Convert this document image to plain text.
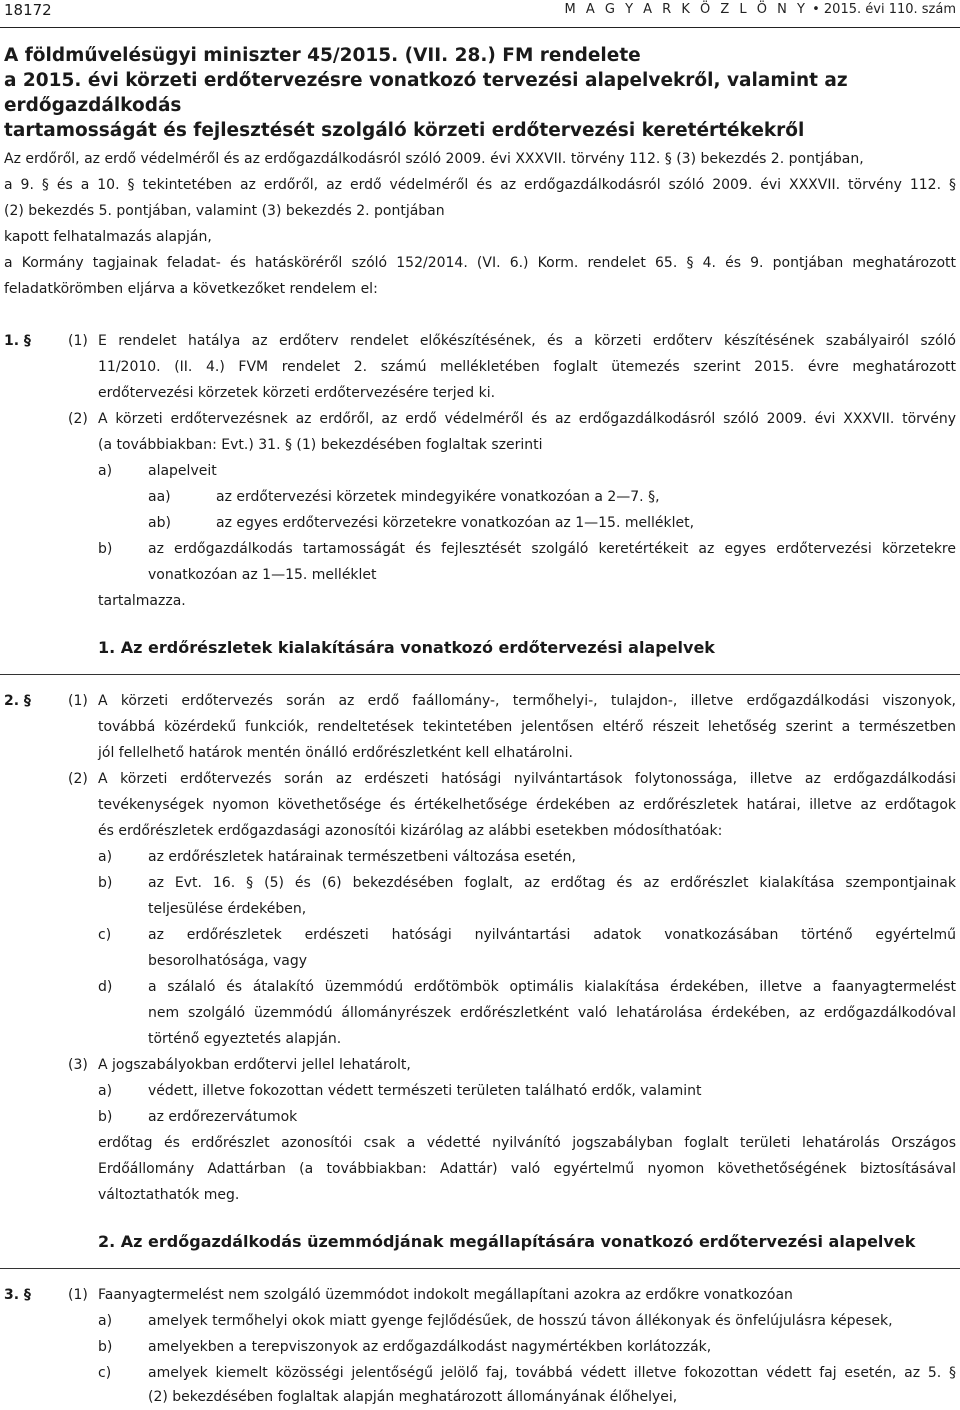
18172	M A G Y A R K Ö Z L Ö N Y • 2015. évi 110. szám
A földművelésügyi miniszter 45/2015. (VII. 28.) FM rendelete
a 2015. évi körzeti erdőtervezésre vonatkozó tervezési alapelvekről, valamint az erdőgazdálkodás
tartamosságát és fejlesztését szolgáló körzeti erdőtervezési keretértékekről
Az erdőről, az erdő védelméről és az erdőgazdálkodásról szóló 2009. évi XXXVII. törvény 112. § (3) bekezdés 2. pontjában,
a 9. § és a 10. § tekintetében az erdőről, az erdő védelméről és az erdőgazdálkodásról szóló 2009. évi XXXVII. törvény 112. §
(2) bekezdés 5. pontjában, valamint (3) bekezdés 2. pontjában
kapott felhatalmazás alapján,
a Kormány tagjainak feladat- és hatásköréről szóló 152/2014. (VI. 6.) Korm. rendelet 65. § 4. és 9. pontjában meghatározott
feladatkörömben eljárva a következőket rendelem el:
1. §	(1) E rendelet hatálya az erdőterv rendelet előkészítésének, és a körzeti erdőterv készítésének szabályairól szóló
11/2010. (II. 4.) FVM rendelet 2. számú mellékletében foglalt ütemezés szerint 2015. évre meghatározott
erdőtervezési körzetek körzeti erdőtervezésére terjed ki.
(2) A körzeti erdőtervezésnek az erdőről, az erdő védelméről és az erdőgazdálkodásról szóló 2009. évi XXXVII. törvény
(a továbbiakban: Evt.) 31. § (1) bekezdésében foglaltak szerinti
a)	alapelveit
aa)	az erdőtervezési körzetek mindegyikére vonatkozóan a 2—7. §,
ab)	az egyes erdőtervezési körzetekre vonatkozóan az 1—15. melléklet,
b)	az erdőgazdálkodás tartamosságát és fejlesztését szolgáló keretértékeit az egyes erdőtervezési körzetekre
vonatkozóan az 1—15. melléklet
tartalmazza.
1. Az erdőrészletek kialakítására vonatkozó erdőtervezési alapelvek
2. §	(1) A körzeti erdőtervezés során az erdő faállomány-, termőhelyi-, tulajdon-, illetve erdőgazdálkodási viszonyok,
továbbá közérdekű funkciók, rendeltetések tekintetében jelentősen eltérő részeit lehetőség szerint a természetben
jól fellelhető határok mentén önálló erdőrészletként kell elhatárolni.
(2) A körzeti erdőtervezés során az erdészeti hatósági nyilvántartások folytonossága, illetve az erdőgazdálkodási
tevékenységek nyomon követhetősége és értékelhetősége érdekében az erdőrészletek határai, illetve az erdőtagok
és erdőrészletek erdőgazdasági azonosítói kizárólag az alábbi esetekben módosíthatóak:
a)	az erdőrészletek határainak természetbeni változása esetén,
b)	az Evt. 16. § (5) és (6) bekezdésében foglalt, az erdőtag és az erdőrészlet kialakítása szempontjainak
teljesülése érdekében,
c)	az erdőrészletek erdészeti hatósági nyilvántartási adatok vonatkozásában történő egyértelmű
besorolhatósága, vagy
d)	a szálaló és átalakító üzemmódú erdőtömbök optimális kialakítása érdekében, illetve a faanyagtermelést
nem szolgáló üzemmódú állományrészek erdőrészletként való lehatárolása érdekében, az erdőgazdálkodóval
történő egyeztetés alapján.
(3) A jogszabályokban erdőtervi jellel lehatárolt,
a)	védett, illetve fokozottan védett természeti területen található erdők, valamint
b)	az erdőrezervátumok
erdőtag és erdőrészlet azonosítói csak a védetté nyilvánító jogszabályban foglalt területi lehatárolás Országos
Erdőállomány Adattárban (a továbbiakban: Adattár) való egyértelmű nyomon követhetőségének biztosításával
változtathatók meg.
2. Az erdőgazdálkodás üzemmódjának megállapítására vonatkozó erdőtervezési alapelvek
3. §	(1) Faanyagtermelést nem szolgáló üzemmódot indokolt megállapítani azokra az erdőkre vonatkozóan
a)	amelyek termőhelyi okok miatt gyenge fejlődésűek, de hosszú távon állékonyak és önfelújulásra képesek,
b)	amelyekben a terepviszonyok az erdőgazdálkodást nagymértékben korlátozzák,
c)	amelyek kiemelt közösségi jelentőségű jelölő faj, továbbá védett illetve fokozottan védett faj esetén, az 5. §
(2) bekezdésében foglaltak alapján meghatározott állományának élőhelyei,
